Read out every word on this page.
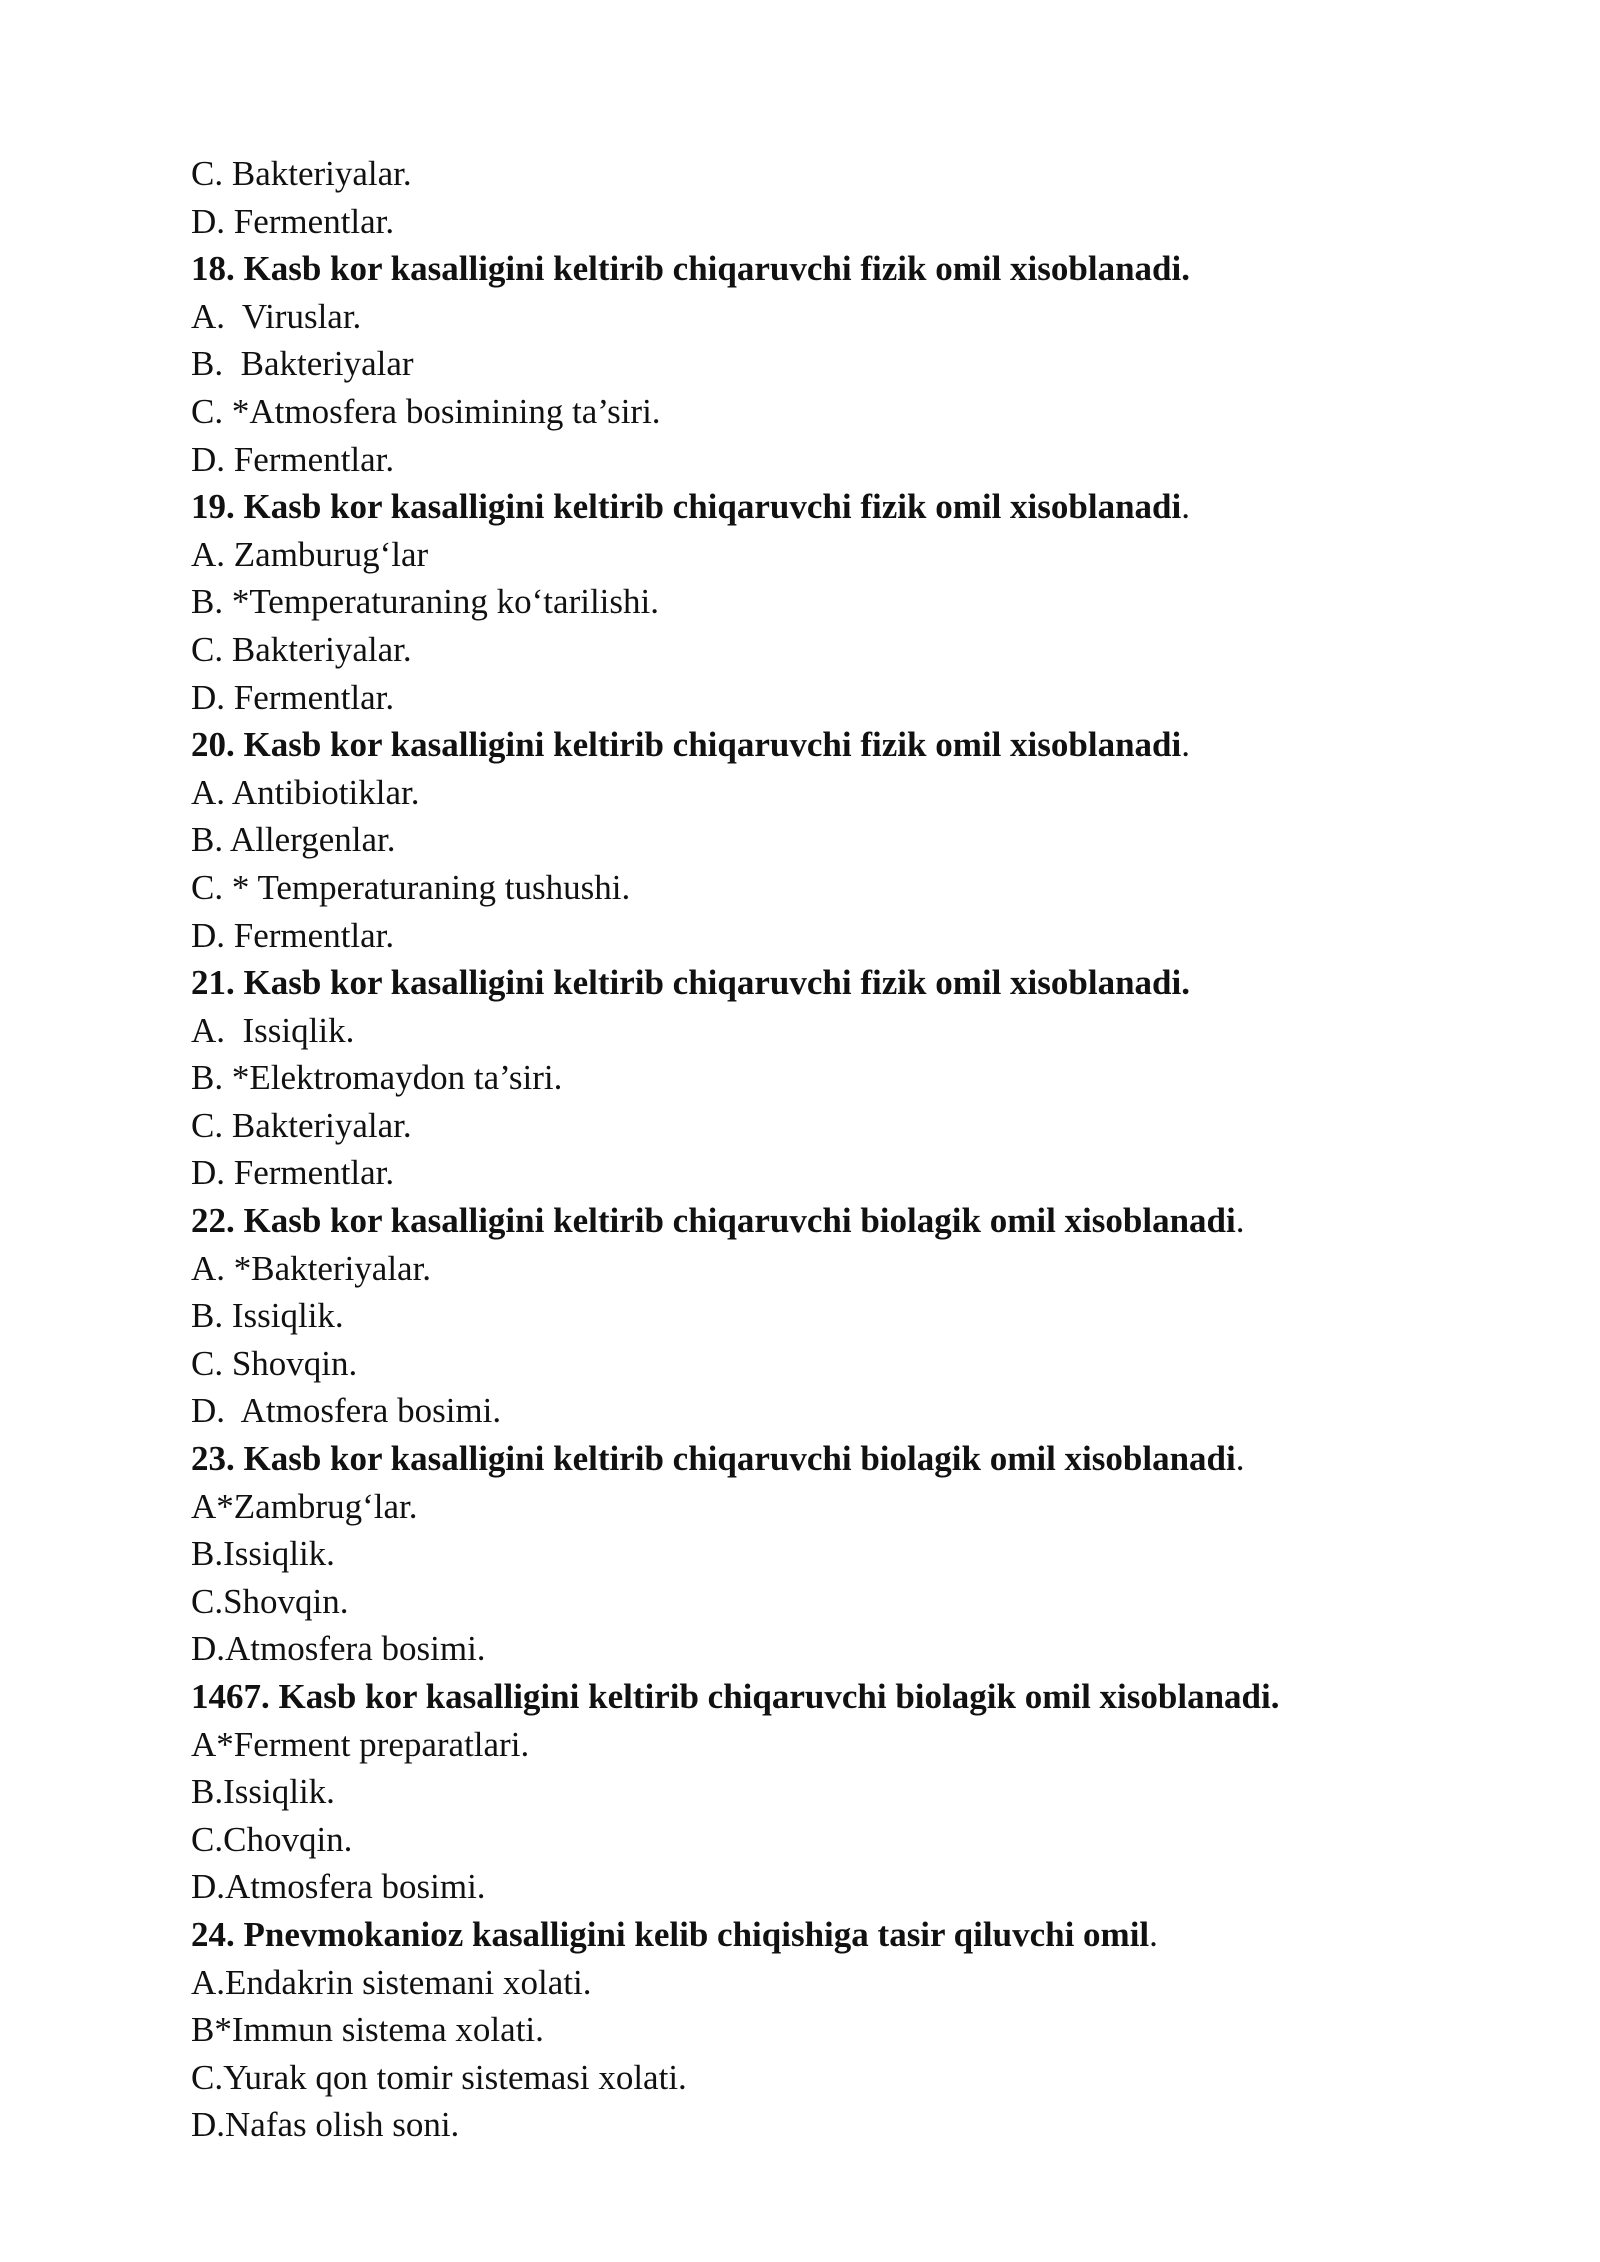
C. Bakteriyalar.
D. Fermentlar.
18. Kasb kor kasalligini keltirib chiqaruvchi fizik omil xisoblanadi.
A.  Viruslar.
B.  Bakteriyalar
C. *Atmosfera bosimining ta’siri.
D. Fermentlar.
19. Kasb kor kasalligini keltirib chiqaruvchi fizik omil xisoblanadi.
A. Zamburug‘lar
B. *Temperaturaning ko‘tarilishi.
C. Bakteriyalar.
D. Fermentlar.
20. Kasb kor kasalligini keltirib chiqaruvchi fizik omil xisoblanadi.
A. Antibiotiklar.
B. Allergenlar.
C. * Temperaturaning tushushi.
D. Fermentlar.
21. Kasb kor kasalligini keltirib chiqaruvchi fizik omil xisoblanadi.
A.  Issiqlik.
B. *Elektromaydon ta’siri.
C. Bakteriyalar.
D. Fermentlar.
22. Kasb kor kasalligini keltirib chiqaruvchi biolagik omil xisoblanadi.
A. *Bakteriyalar.
B. Issiqlik.
C. Shovqin.
D.  Atmosfera bosimi.
23. Kasb kor kasalligini keltirib chiqaruvchi biolagik omil xisoblanadi.
A*Zambrug‘lar.
B.Issiqlik.
C.Shovqin.
D.Atmosfera bosimi.
1467. Kasb kor kasalligini keltirib chiqaruvchi biolagik omil xisoblanadi.
A*Ferment preparatlari.
B.Issiqlik.
C.Chovqin.
D.Atmosfera bosimi.
24. Pnevmokanioz kasalligini kelib chiqishiga tasir qiluvchi omil.
A.Endakrin sistemani xolati.
B*Immun sistema xolati.
C.Yurak qon tomir sistemasi xolati.
D.Nafas olish soni.
